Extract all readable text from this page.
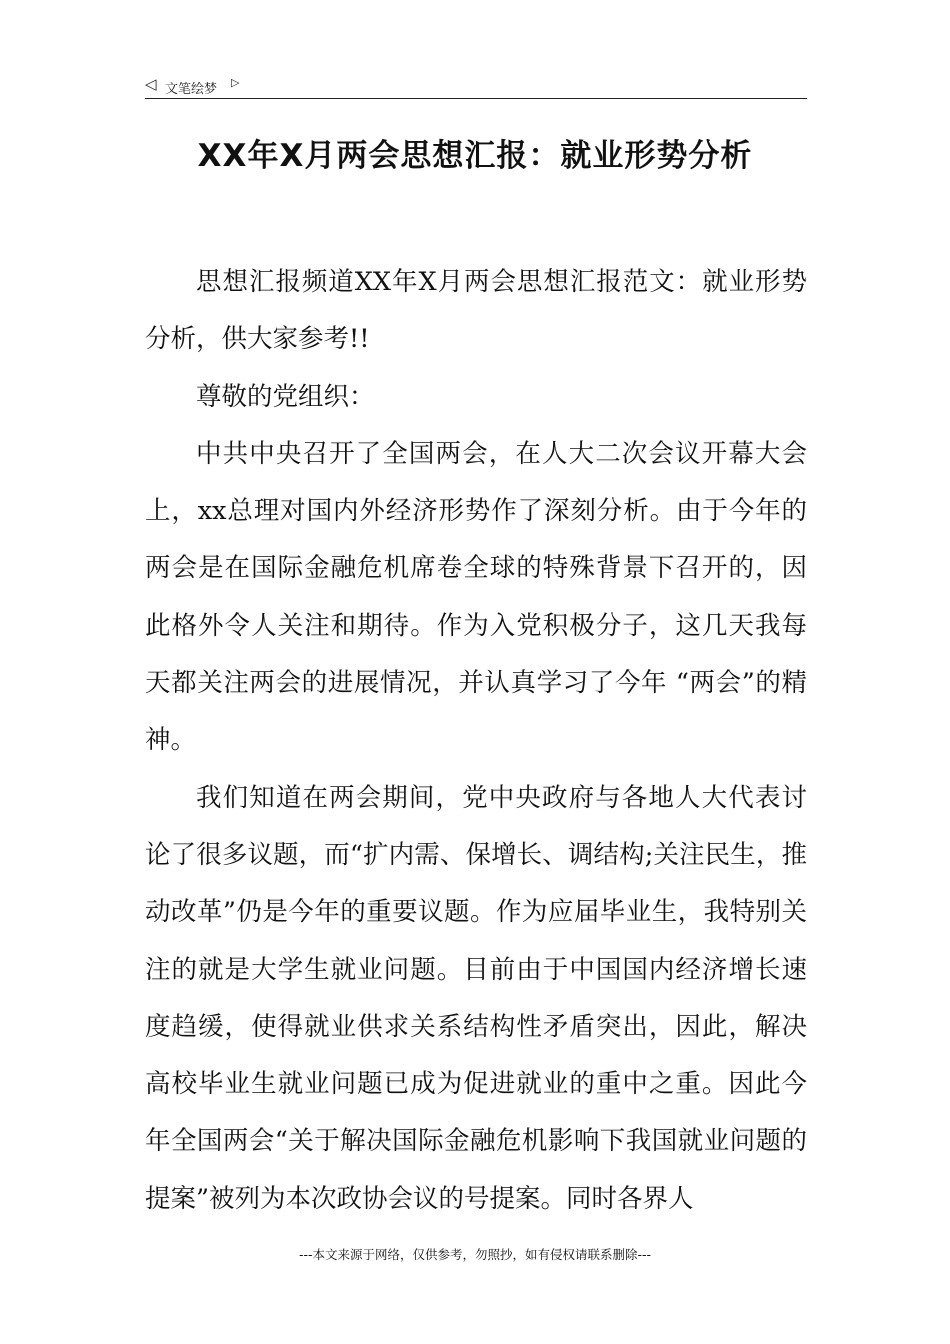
◁ 文笔绘梦 ▷
XX年X月两会思想汇报：就业形势分析

思想汇报频道XX年X月两会思想汇报范文：就业形势分析，供大家参考!!

尊敬的党组织：

中共中央召开了全国两会，在人大二次会议开幕大会上，xx总理对国内外经济形势作了深刻分析。由于今年的两会是在国际金融危机席卷全球的特殊背景下召开的，因此格外令人关注和期待。作为入党积极分子，这几天我每天都关注两会的进展情况，并认真学习了今年 “两会”的精神。

我们知道在两会期间，党中央政府与各地人大代表讨论了很多议题，而“扩内需、保增长、调结构;关注民生，推动改革”仍是今年的重要议题。作为应届毕业生，我特别关注的就是大学生就业问题。目前由于中国国内经济增长速度趋缓，使得就业供求关系结构性矛盾突出，因此，解决高校毕业生就业问题已成为促进就业的重中之重。因此今年全国两会“关于解决国际金融危机影响下我国就业问题的提案”被列为本次政协会议的号提案。同时各界人

---本文来源于网络，仅供参考，勿照抄，如有侵权请联系删除---
